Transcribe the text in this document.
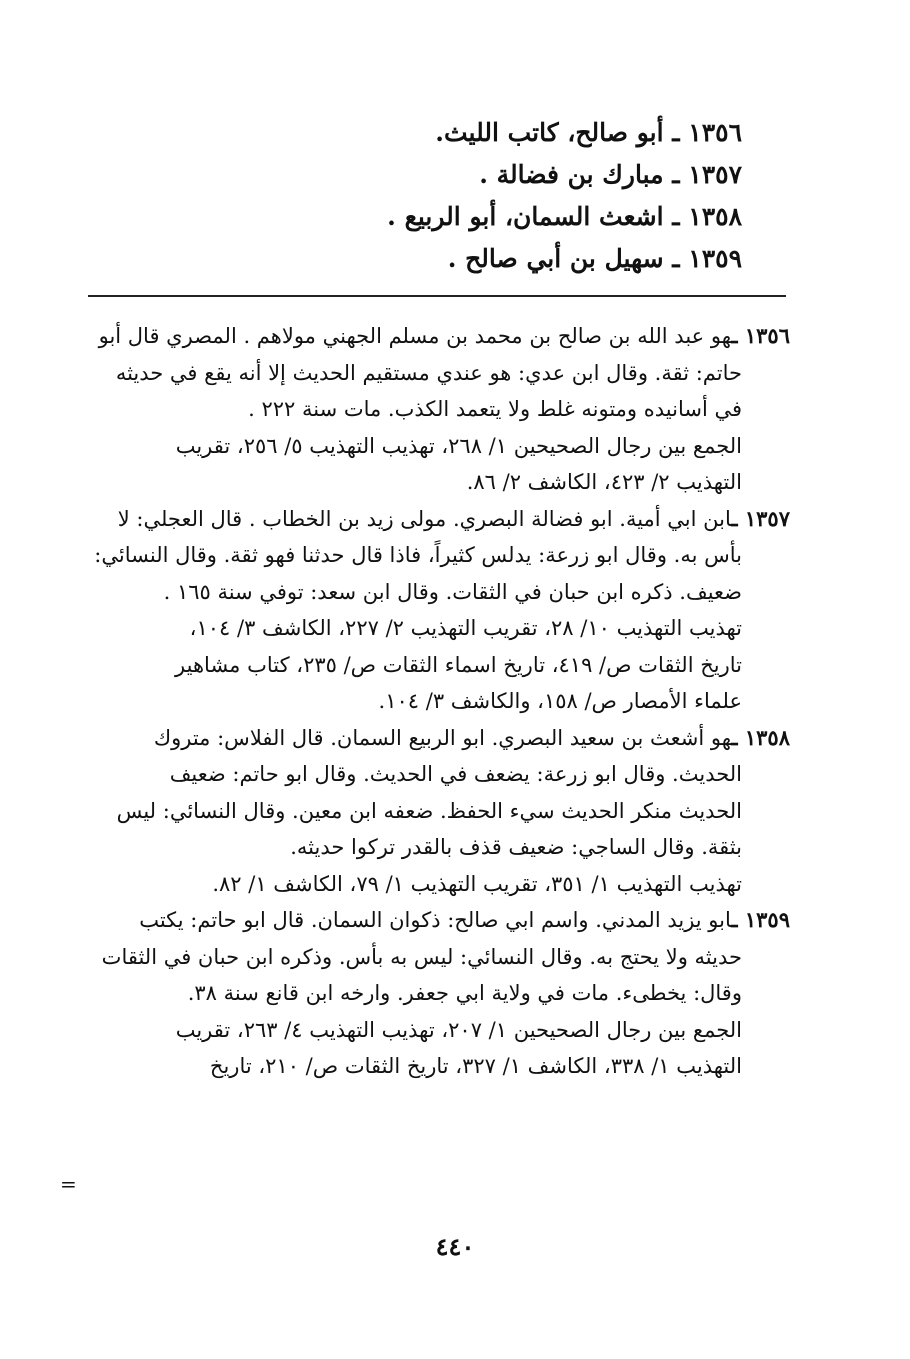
١٣٥٦ ـ أبو صالح، كاتب الليث.
١٣٥٧ ـ مبارك بن فضالة .
١٣٥٨ ـ اشعث السمان، أبو الربيع .
١٣٥٩ ـ سهيل بن أبي صالح .
١٣٥٦ ـهو عبد الله بن صالح بن محمد بن مسلم الجهني مولاهم . المصري قال أبو
حاتم: ثقة. وقال ابن عدي: هو عندي مستقيم الحديث إلا أنه يقع في حديثه
في أسانيده ومتونه غلط ولا يتعمد الكذب. مات سنة ٢٢٢ .
الجمع بين رجال الصحيحين ١/ ٢٦٨، تهذيب التهذيب ٥/ ٢٥٦، تقريب
التهذيب ٢/ ٤٢٣، الكاشف ٢/ ٨٦.
١٣٥٧ ـابن ابي أمية. ابو فضالة البصري. مولى زيد بن الخطاب . قال العجلي: لا
بأس به. وقال ابو زرعة: يدلس كثيراً، فاذا قال حدثنا فهو ثقة. وقال النسائي:
ضعيف. ذكره ابن حبان في الثقات. وقال ابن سعد: توفي سنة ١٦٥ .
تهذيب التهذيب ١٠/ ٢٨، تقريب التهذيب ٢/ ٢٢٧، الكاشف ٣/ ١٠٤،
تاريخ الثقات ص/ ٤١٩، تاريخ اسماء الثقات ص/ ٢٣٥، كتاب مشاهير
علماء الأمصار ص/ ١٥٨، والكاشف ٣/ ١٠٤.
١٣٥٨ ـهو أشعث بن سعيد البصري. ابو الربيع السمان. قال الفلاس: متروك
الحديث. وقال ابو زرعة: يضعف في الحديث. وقال ابو حاتم: ضعيف
الحديث منكر الحديث سيء الحفظ. ضعفه ابن معين. وقال النسائي: ليس
بثقة. وقال الساجي: ضعيف قذف بالقدر تركوا حديثه.
تهذيب التهذيب ١/ ٣٥١، تقريب التهذيب ١/ ٧٩، الكاشف ١/ ٨٢.
١٣٥٩ ـابو يزيد المدني. واسم ابي صالح: ذكوان السمان. قال ابو حاتم: يكتب
حديثه ولا يحتج به. وقال النسائي: ليس به بأس. وذكره ابن حبان في الثقات
وقال: يخطىء. مات في ولاية ابي جعفر. وارخه ابن قانع سنة ٣٨.
الجمع بين رجال الصحيحين ١/ ٢٠٧، تهذيب التهذيب ٤/ ٢٦٣، تقريب
التهذيب ١/ ٣٣٨، الكاشف ١/ ٣٢٧، تاريخ الثقات ص/ ٢١٠، تاريخ
=
٤٤٠
